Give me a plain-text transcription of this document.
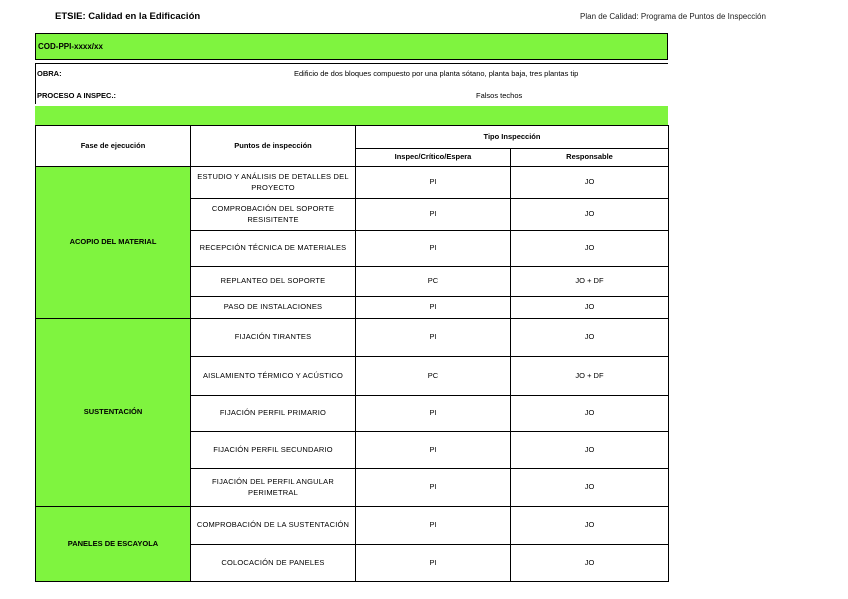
ETSIE: Calidad en la Edificación	Plan de Calidad: Programa de Puntos de Inspección
COD-PPI-xxxx/xx
OBRA:	Edificio de dos bloques compuesto por una planta sótano, planta baja, tres plantas tip
PROCESO A INSPEC.:	Falsos techos
Fase de ejecución	Puntos de inspección	Tipo Inspección	
		Inspec/Crítico/Espera	Responsable
ACOPIO DEL MATERIAL	ESTUDIO Y ANÁLISIS DE DETALLES DEL PROYECTO	PI	JO
	COMPROBACIÓN DEL SOPORTE RESISITENTE	PI	JO
	RECEPCIÓN TÉCNICA DE MATERIALES	PI	JO
	REPLANTEO DEL SOPORTE	PC	JO + DF
	PASO DE INSTALACIONES	PI	JO
SUSTENTACIÓN	FIJACIÓN TIRANTES	PI	JO
	AISLAMIENTO TÉRMICO Y ACÚSTICO	PC	JO + DF
	FIJACIÓN PERFIL PRIMARIO	PI	JO
	FIJACIÓN PERFIL SECUNDARIO	PI	JO
	FIJACIÓN DEL PERFIL ANGULAR PERIMETRAL	PI	JO
PANELES DE ESCAYOLA	COMPROBACIÓN DE LA SUSTENTACIÓN	PI	JO
	COLOCACIÓN DE PANELES	PI	JO
